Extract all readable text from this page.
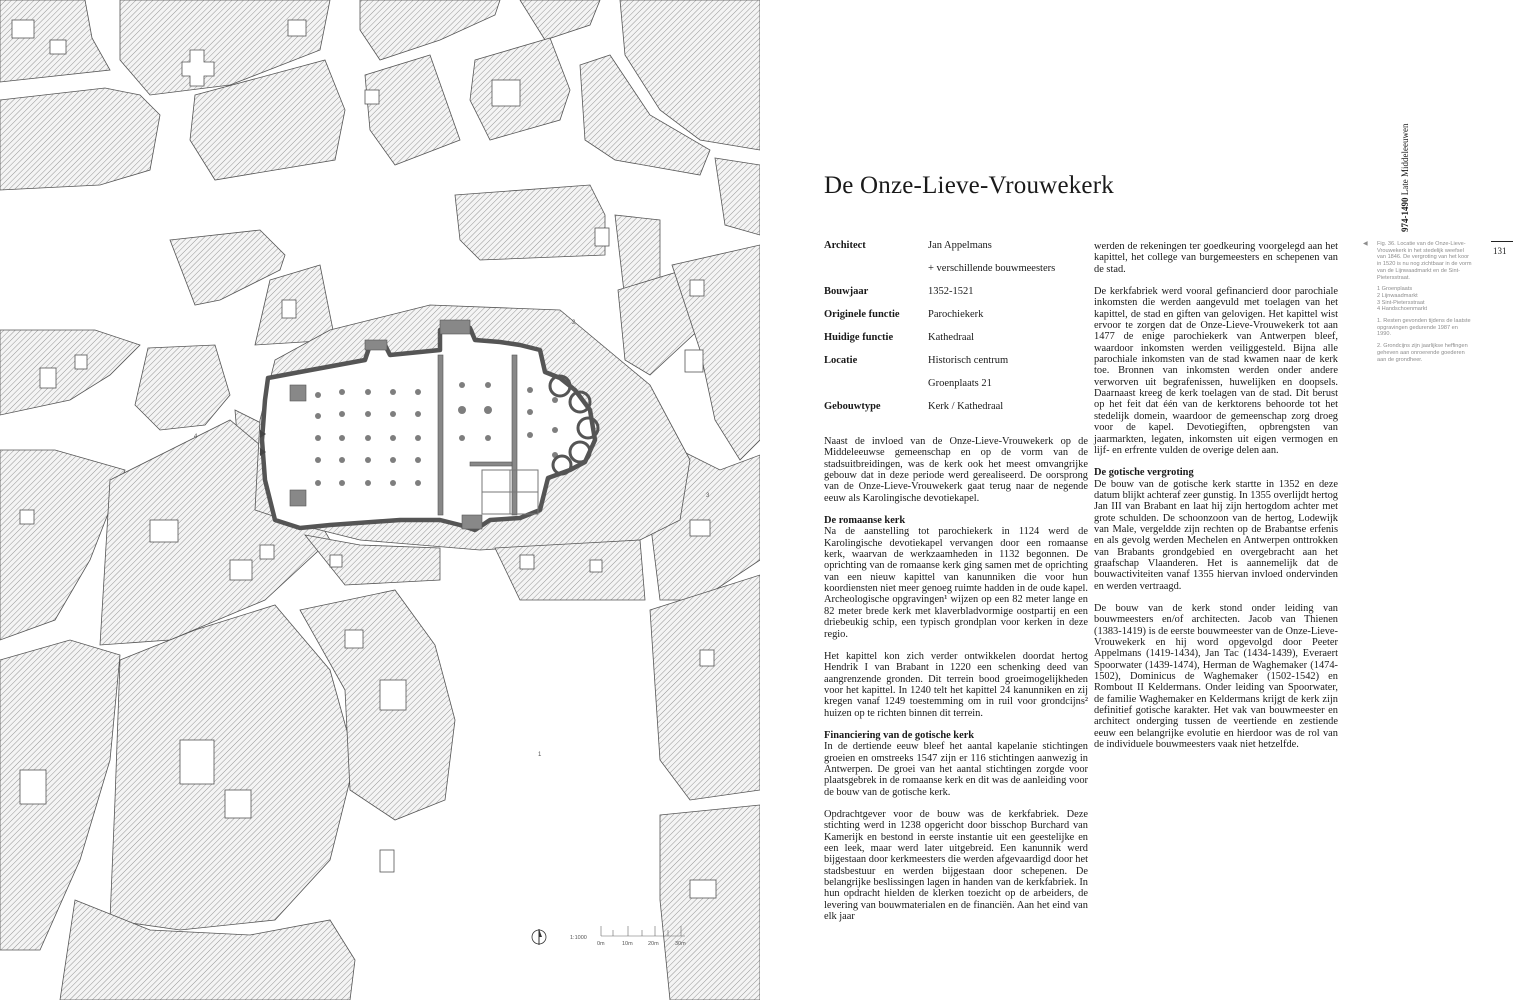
1
2
3
4
1:1000
0m	10m	20m	30m
De Onze-Lieve-Vrouwekerk
Architect	Jan Appelmans
+ verschillende bouwmeesters
Bouwjaar	1352-1521
Originele functie	Parochiekerk
Huidige functie	Kathedraal
Locatie	Historisch centrum
Groenplaats 21
Gebouwtype	Kerk / Kathedraal

Naast de invloed van de Onze-Lieve-Vrouwekerk op de Middeleeuwse gemeenschap en op de vorm van de stadsuitbreidingen, was de kerk ook het meest omvangrijke gebouw dat in deze periode werd gerealiseerd. De oorsprong van de Onze-Lieve-Vrouwekerk gaat terug naar de negende eeuw als Karolingische devotiekapel.

De romaanse kerk

Na de aanstelling tot parochiekerk in 1124 werd de Karolingische devotiekapel vervangen door een romaanse kerk, waarvan de werkzaamheden in 1132 begonnen. De oprichting van de romaanse kerk ging samen met de oprichting van een nieuw kapittel van kanunniken die voor hun koordiensten niet meer genoeg ruimte hadden in de oude kapel. Archeologische opgravingen¹ wijzen op een 82 meter lange en 82 meter brede kerk met klaverbladvormige oostpartij en een driebeukig schip, een typisch grondplan voor kerken in deze regio.

Het kapittel kon zich verder ontwikkelen doordat hertog Hendrik I van Brabant in 1220 een schenking deed van aangrenzende gronden. Dit terrein bood groeimogelijkheden voor het kapittel. In 1240 telt het kapittel 24 kanunniken en zij kregen vanaf 1249 toestemming om in ruil voor grondcijns² huizen op te richten binnen dit terrein.

Financiering van de gotische kerk

In de dertiende eeuw bleef het aantal kapelanie stichtingen groeien en omstreeks 1547 zijn er 116 stichtingen aanwezig in Antwerpen. De groei van het aantal stichtingen zorgde voor plaatsgebrek in de romaanse kerk en dit was de aanleiding voor de bouw van de gotische kerk.

Opdrachtgever voor de bouw was de kerkfabriek. Deze stichting werd in 1238 opgericht door bisschop Burchard van Kamerijk en bestond in eerste instantie uit een geestelijke en een leek, maar werd later uitgebreid. Een kanunnik werd bijgestaan door kerkmeesters die werden afgevaardigd door het stadsbestuur en werden bijgestaan door schepenen. De belangrijke beslissingen lagen in handen van de kerkfabriek. In hun opdracht hielden de klerken toezicht op de arbeiders, de levering van bouwmaterialen en de financiën. Aan het eind van elk jaar

werden de rekeningen ter goedkeuring voorgelegd aan het kapittel, het college van burgemeesters en schepenen van de stad.

De kerkfabriek werd vooral gefinancierd door parochiale inkomsten die werden aangevuld met toelagen van het kapittel, de stad en giften van gelovigen. Het kapittel wist ervoor te zorgen dat de Onze-Lieve-Vrouwekerk tot aan 1477 de enige parochiekerk van Antwerpen bleef, waardoor inkomsten werden veiliggesteld. Bijna alle parochiale inkomsten van de stad kwamen naar de kerk toe. Bronnen van inkomsten werden onder andere verworven uit begrafenissen, huwelijken en doopsels. Daarnaast kreeg de kerk toelagen van de stad. Dit berust op het feit dat één van de kerktorens behoorde tot het stedelijk domein, waardoor de gemeenschap zorg droeg voor de kapel. Devotiegiften, opbrengsten van jaarmarkten, legaten, inkomsten uit eigen vermogen en lijf- en erfrente vulden de overige delen aan.

De gotische vergroting

De bouw van de gotische kerk startte in 1352 en deze datum blijkt achteraf zeer gunstig. In 1355 overlijdt hertog Jan III van Brabant en laat hij zijn hertogdom achter met grote schulden. De schoonzoon van de hertog, Lodewijk van Male, vergeldde zijn rechten op de Brabantse erfenis en als gevolg werden Mechelen en Antwerpen onttrokken van Brabants grondgebied en overgebracht aan het graafschap Vlaanderen. Het is aannemelijk dat de bouwactiviteiten vanaf 1355 hiervan invloed ondervinden en werden vertraagd.

De bouw van de kerk stond onder leiding van bouwmeesters en/of architecten. Jacob van Thienen (1383-1419) is de eerste bouwmeester van de Onze-Lieve-Vrouwekerk en hij word opgevolgd door Peeter Appelmans (1419-1434), Jan Tac (1434-1439), Everaert Spoorwater (1439-1474), Herman de Waghemaker (1474-1502), Dominicus de Waghemaker (1502-1542) en Rombout II Keldermans. Onder leiding van Spoorwater, de familie Waghemaker en Keldermans krijgt de kerk zijn definitief gotische karakter. Het vak van bouwmeester en architect onderging tussen de veertiende en zestiende eeuw een belangrijke evolutie en hierdoor was de rol van de individuele bouwmeesters vaak niet hetzelfde.

◀ Fig. 36. Locatie van de Onze-Lieve-Vrouwekerk in het stedelijk weefsel van 1846. De vergroting van het koor in 1520 is nu nog zichtbaar in de vorm van de Lijnwaadmarkt en de Sint-Pietersstraat.

1 Groenplaats
2 Lijnwaadmarkt
3 Sint-Pietersstraat
4 Handschoenmarkt

1. Resten gevonden tijdens de laatste opgravingen gedurende 1987 en 1990.

2. Grondcijns zijn jaarlijkse heffingen geheven aan onroerende goederen aan de grondheer.

974-1490 Late Middeleeuwen
131
